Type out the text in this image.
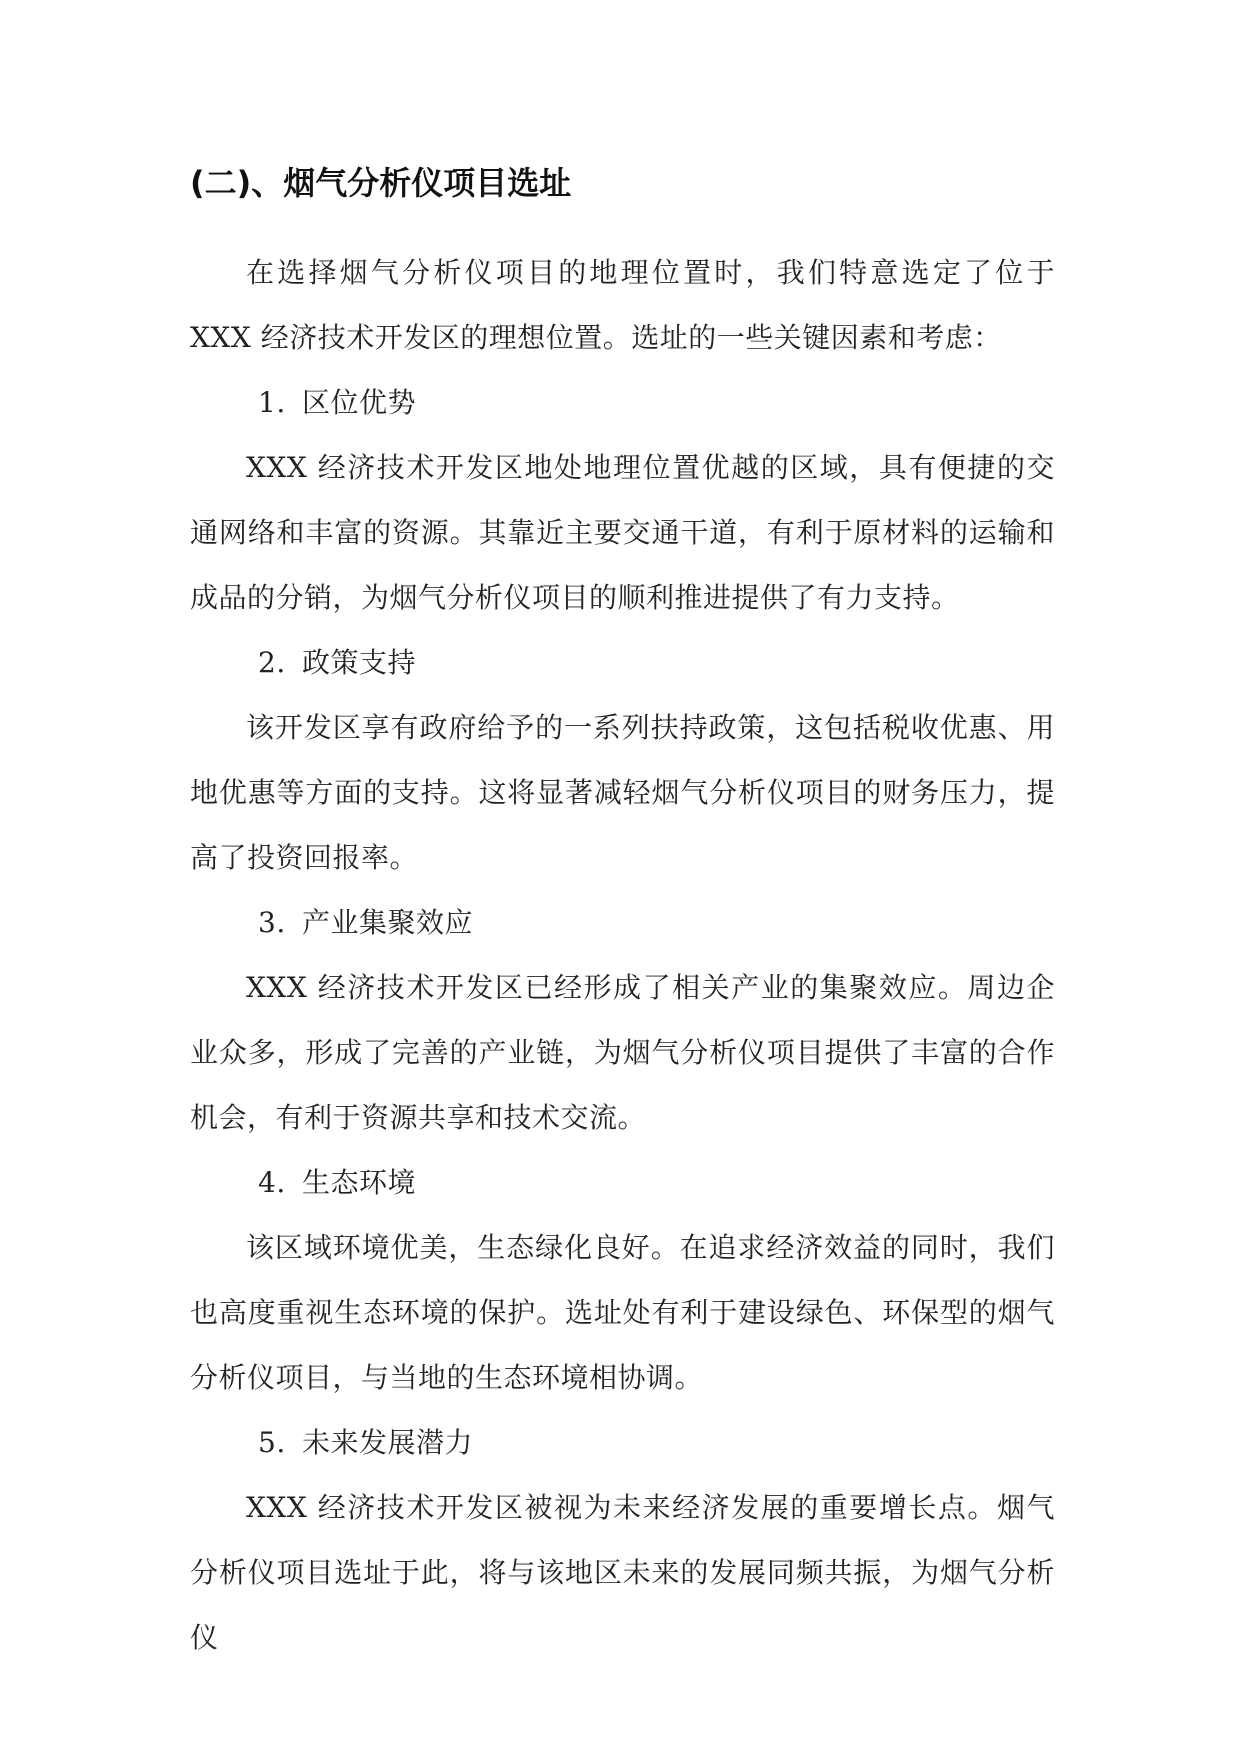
(二)、烟气分析仪项目选址

在选择烟气分析仪项目的地理位置时，我们特意选定了位于 XXX 经济技术开发区的理想位置。选址的一些关键因素和考虑：

1. 区位优势

XXX 经济技术开发区地处地理位置优越的区域，具有便捷的交通网络和丰富的资源。其靠近主要交通干道，有利于原材料的运输和成品的分销，为烟气分析仪项目的顺利推进提供了有力支持。

2. 政策支持

该开发区享有政府给予的一系列扶持政策，这包括税收优惠、用地优惠等方面的支持。这将显著减轻烟气分析仪项目的财务压力，提高了投资回报率。

3. 产业集聚效应

XXX 经济技术开发区已经形成了相关产业的集聚效应。周边企业众多，形成了完善的产业链，为烟气分析仪项目提供了丰富的合作机会，有利于资源共享和技术交流。

4. 生态环境

该区域环境优美，生态绿化良好。在追求经济效益的同时，我们也高度重视生态环境的保护。选址处有利于建设绿色、环保型的烟气分析仪项目，与当地的生态环境相协调。

5. 未来发展潜力

XXX 经济技术开发区被视为未来经济发展的重要增长点。烟气分析仪项目选址于此，将与该地区未来的发展同频共振，为烟气分析仪
